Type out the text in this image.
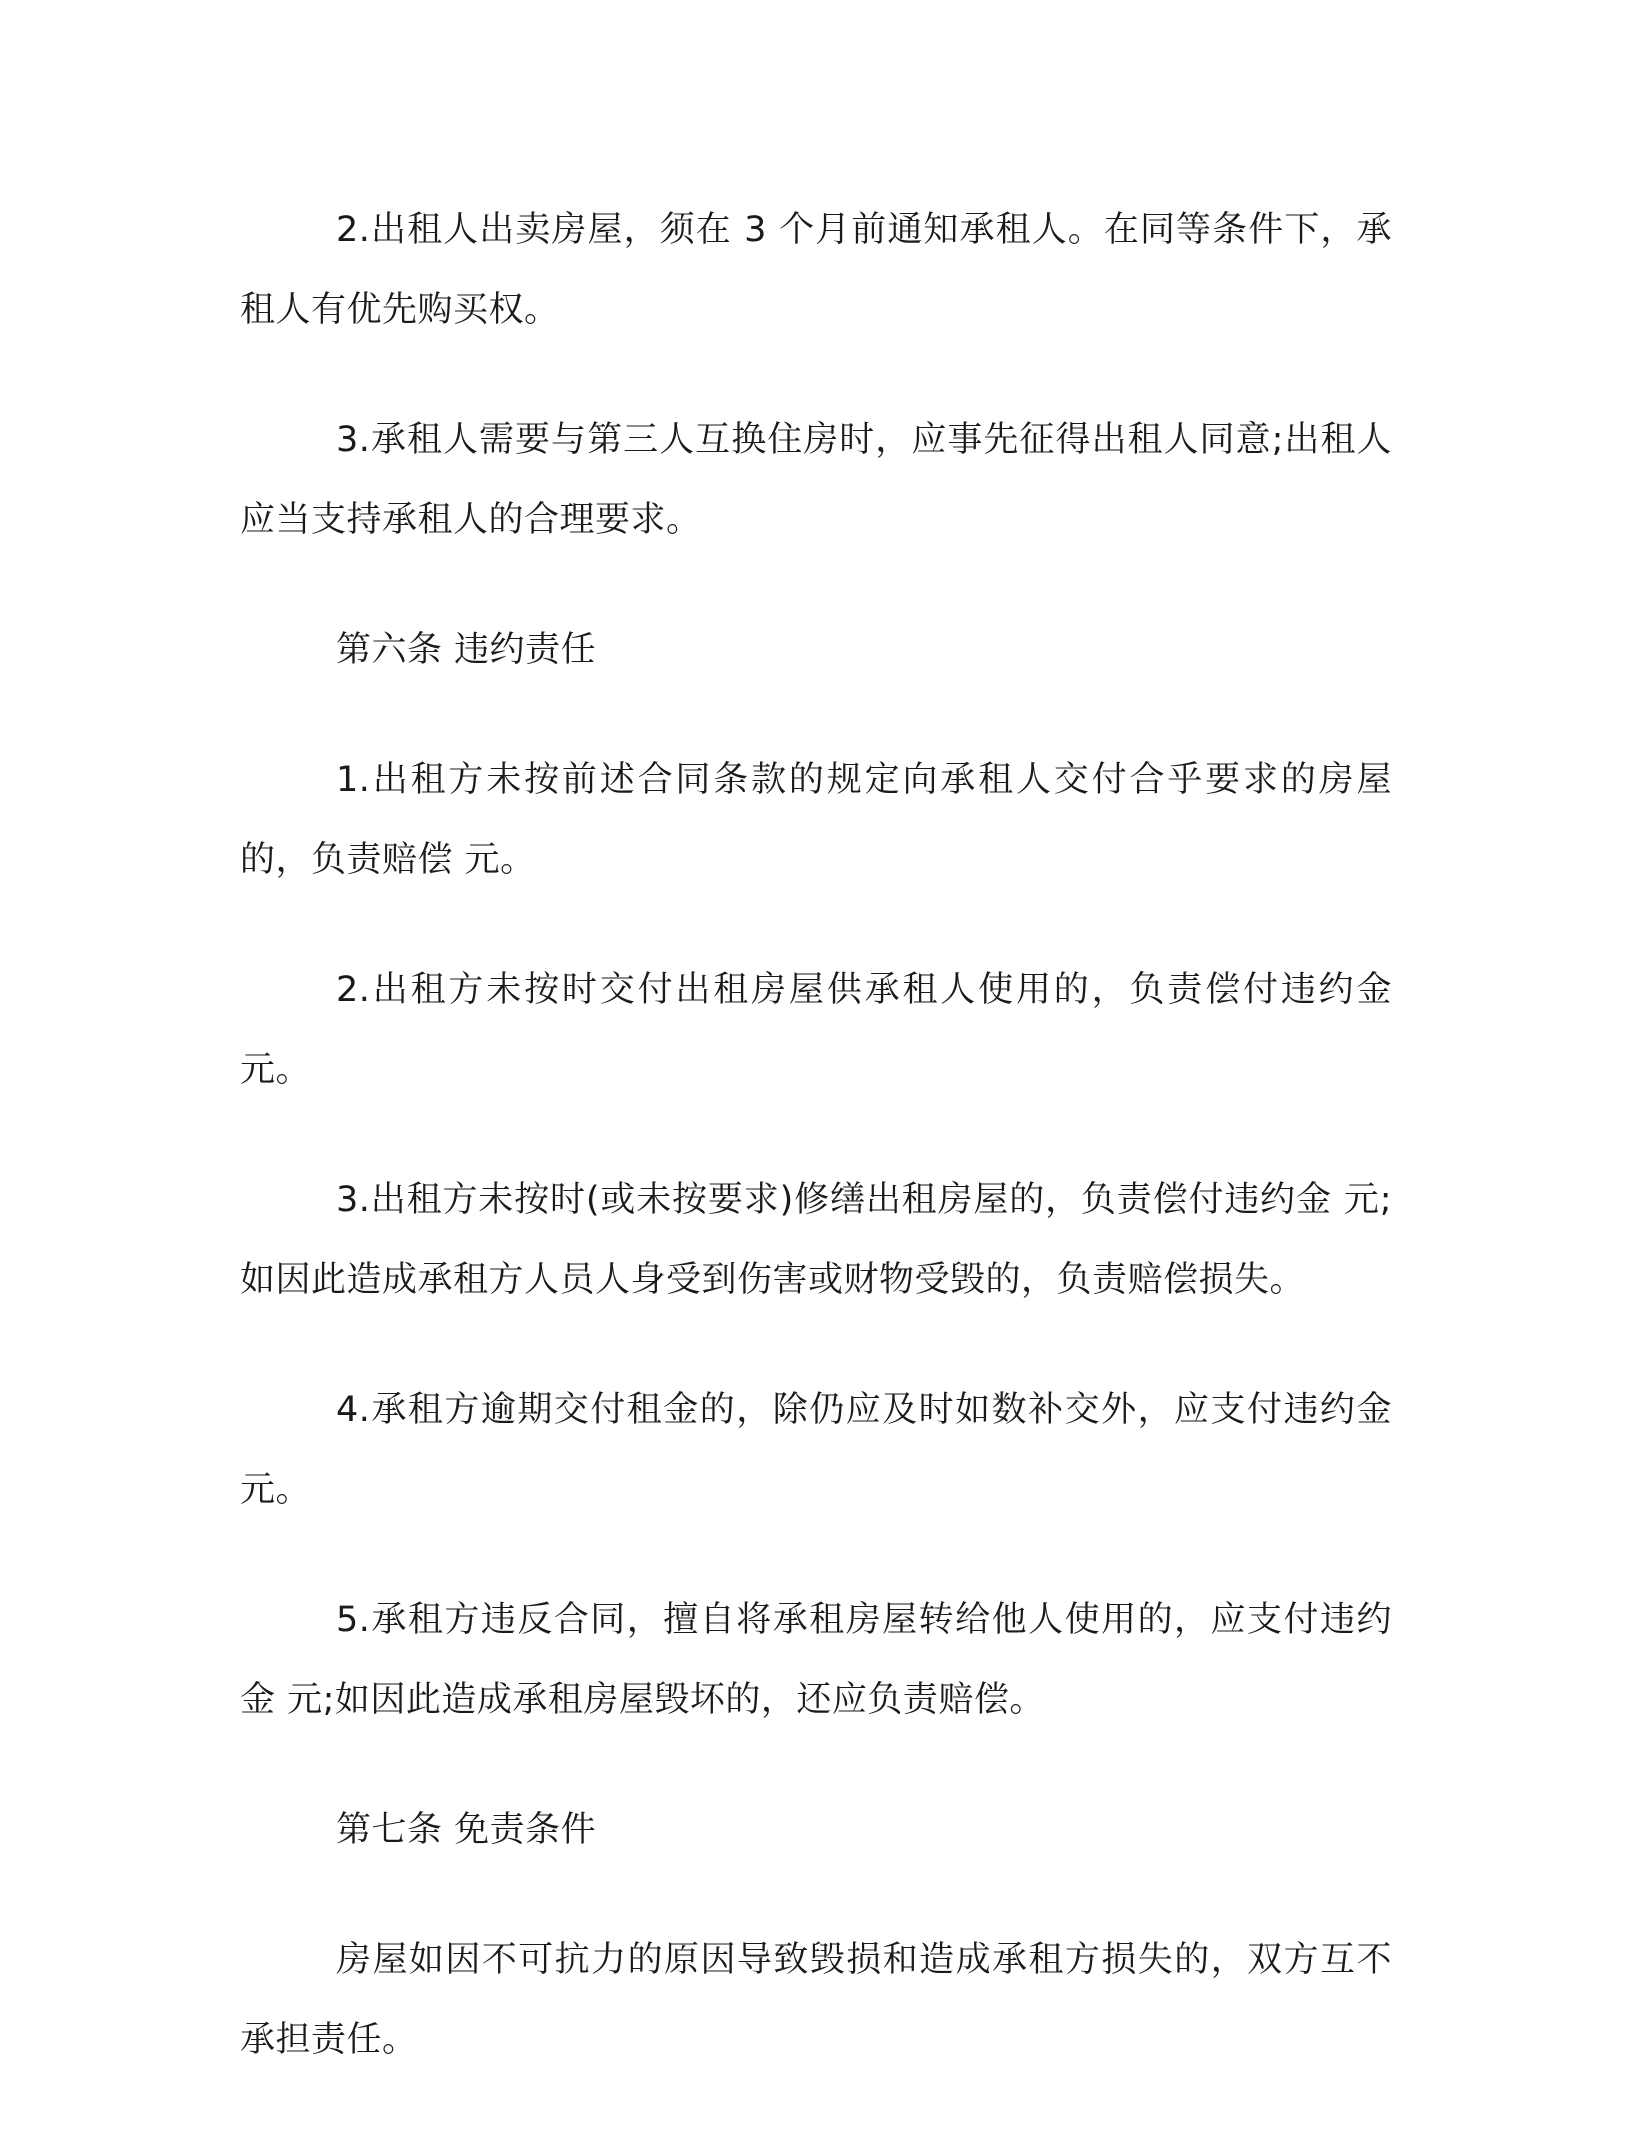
2.出租人出卖房屋，须在 3 个月前通知承租人。在同等条件下，承租人有优先购买权。

3.承租人需要与第三人互换住房时，应事先征得出租人同意;出租人应当支持承租人的合理要求。

第六条 违约责任

1.出租方未按前述合同条款的规定向承租人交付合乎要求的房屋的，负责赔偿 元。

2.出租方未按时交付出租房屋供承租人使用的，负责偿付违约金 元。

3.出租方未按时(或未按要求)修缮出租房屋的，负责偿付违约金 元;如因此造成承租方人员人身受到伤害或财物受毁的，负责赔偿损失。

4.承租方逾期交付租金的，除仍应及时如数补交外，应支付违约金 元。

5.承租方违反合同，擅自将承租房屋转给他人使用的，应支付违约金 元;如因此造成承租房屋毁坏的，还应负责赔偿。

第七条 免责条件

房屋如因不可抗力的原因导致毁损和造成承租方损失的，双方互不承担责任。
